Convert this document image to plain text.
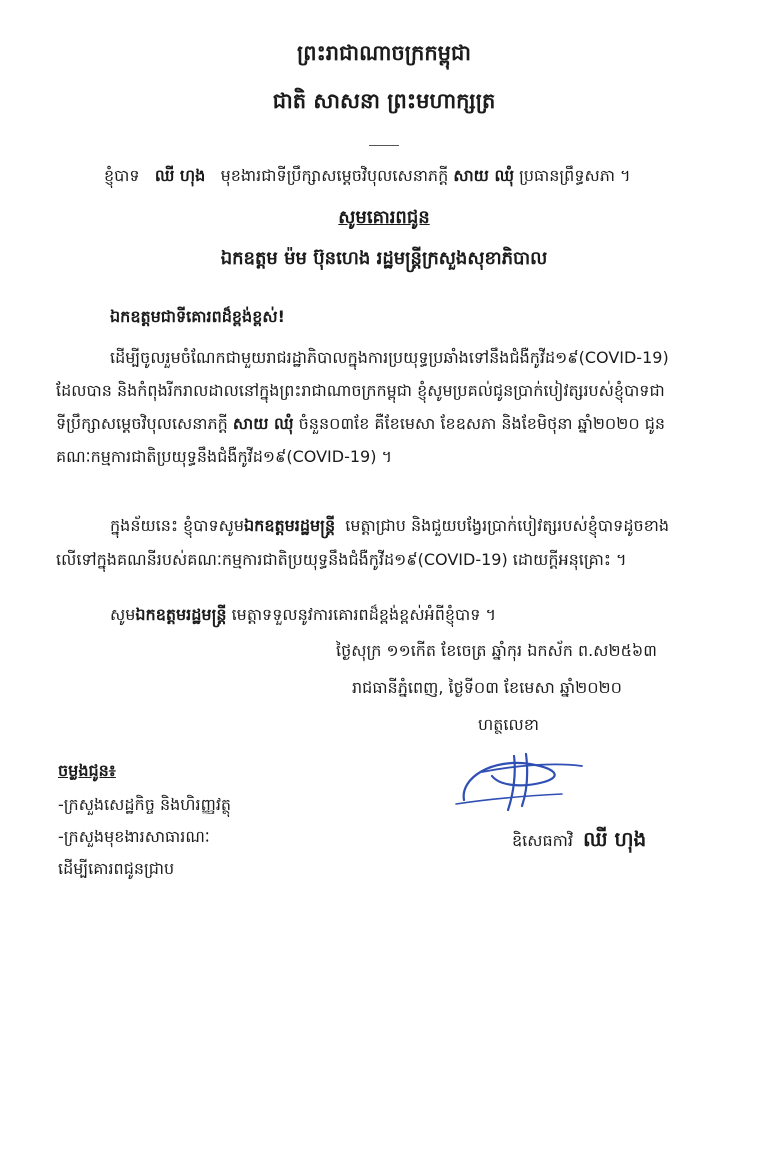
ព្រះរាជាណាចក្រកម្ពុជា
ជាតិ សាសនា ព្រះមហាក្សត្រ
ខ្ញុំបាទ ឈី ហុង មុខងារជាទីប្រឹក្សាសម្តេចវិបុលសេនាភក្តី សាយ ឈុំ ប្រធានព្រឹទ្ធសភា ។
សូមគោរពជូន
ឯកឧត្តម ម៉ម ប៊ុនហេង រដ្ឋមន្ត្រីក្រសួងសុខាភិបាល
ឯកឧត្តមជាទីគោរពដ៏ខ្ពង់ខ្ពស់!
ដើម្បីចូលរួមចំណែកជាមួយរាជរដ្ឋាភិបាលក្នុងការប្រយុទ្ធប្រឆាំងទៅនឹងជំងឺកូវីដ១៩(COVID-19)
ដែលបាន និងកំពុងរីករាលដាលនៅក្នុងព្រះរាជាណាចក្រកម្ពុជា ខ្ញុំសូមប្រគល់ជូនប្រាក់បៀវត្សរបស់ខ្ញុំបាទជា
ទីប្រឹក្សាសម្តេចវិបុលសេនាភក្តី សាយ ឈុំ ចំនួន០៣ខែ គឺខែមេសា ខែឧសភា និងខែមិថុនា ឆ្នាំ២០២០ ជូន
គណៈកម្មការជាតិប្រយុទ្ធនឹងជំងឺកូវីដ១៩(COVID-19) ។
ក្នុងន័យនេះ ខ្ញុំបាទសូមឯកឧត្តមរដ្ឋមន្ត្រី មេត្តាជ្រាប និងជួយបង្វែរប្រាក់បៀវត្សរបស់ខ្ញុំបាទដូចខាង
លើទៅក្នុងគណនីរបស់គណៈកម្មការជាតិប្រយុទ្ធនឹងជំងឺកូវីដ១៩(COVID-19) ដោយក្តីអនុគ្រោះ ។
សូមឯកឧត្តមរដ្ឋមន្ត្រី មេត្តាទទួលនូវការគោរពដ៏ខ្ពង់ខ្ពស់អំពីខ្ញុំបាទ ។
ថ្ងៃសុក្រ ១១កើត ខែចេត្រ ឆ្នាំកុរ ឯកស័ក ព.ស២៥៦៣
រាជធានីភ្នំពេញ, ថ្ងៃទី០៣ ខែមេសា ឆ្នាំ២០២០
ហត្ថលេខា
ចម្លងជូន៖
-ក្រសួងសេដ្ឋកិច្ច និងហិរញ្ញវត្ថុ
-ក្រសួងមុខងារសាធារណៈ
ដើម្បីគោរពជូនជ្រាប
ឧិសេធកាវិ ឈី ហុង
